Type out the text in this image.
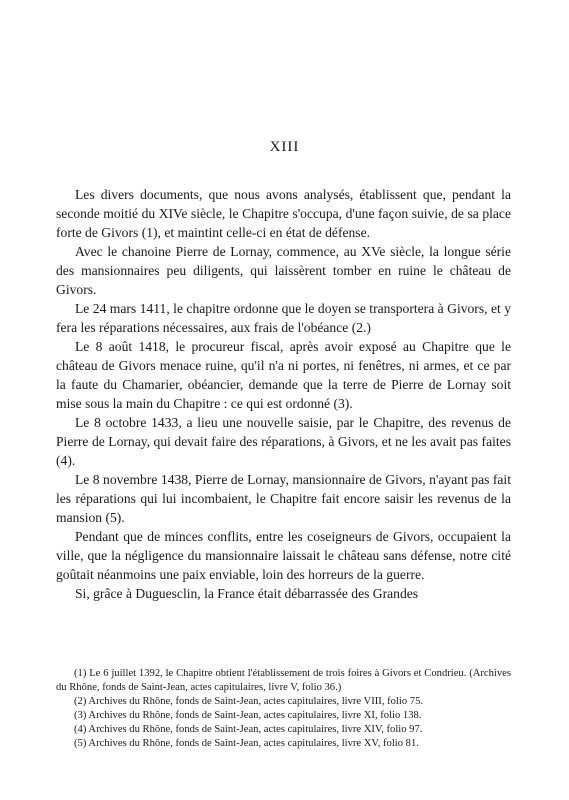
XIII

Les divers documents, que nous avons analysés, établissent que, pendant la seconde moitié du XIVe siècle, le Chapitre s'occupa, d'une façon suivie, de sa place forte de Givors (1), et maintint celle-ci en état de défense.

Avec le chanoine Pierre de Lornay, commence, au XVe siècle, la longue série des mansionnaires peu diligents, qui laissèrent tomber en ruine le château de Givors.

Le 24 mars 1411, le chapitre ordonne que le doyen se transportera à Givors, et y fera les réparations nécessaires, aux frais de l'obéance (2.)

Le 8 août 1418, le procureur fiscal, après avoir exposé au Chapitre que le château de Givors menace ruine, qu'il n'a ni portes, ni fenêtres, ni armes, et ce par la faute du Chamarier, obéancier, demande que la terre de Pierre de Lornay soit mise sous la main du Chapitre : ce qui est ordonné (3).

Le 8 octobre 1433, a lieu une nouvelle saisie, par le Chapitre, des revenus de Pierre de Lornay, qui devait faire des réparations, à Givors, et ne les avait pas faites (4).

Le 8 novembre 1438, Pierre de Lornay, mansionnaire de Givors, n'ayant pas fait les réparations qui lui incombaient, le Chapitre fait encore saisir les revenus de la mansion (5).

Pendant que de minces conflits, entre les coseigneurs de Givors, occupaient la ville, que la négligence du mansionnaire laissait le château sans défense, notre cité goûtait néanmoins une paix enviable, loin des horreurs de la guerre.

Si, grâce à Duguesclin, la France était débarrassée des Grandes

(1) Le 6 juillet 1392, le Chapitre obtient l'établissement de trois foires à Givors et Condrieu. (Archives du Rhône, fonds de Saint-Jean, actes capitulaires, livre V, folio 36.)

(2) Archives du Rhône, fonds de Saint-Jean, actes capitulaires, livre VIII, folio 75.

(3) Archives du Rhône, fonds de Saint-Jean, actes capitulaires, livre XI, folio 138.

(4) Archives du Rhône, fonds de Saint-Jean, actes capitulaires, livre XIV, folio 97.

(5) Archives du Rhône, fonds de Saint-Jean, actes capitulaires, livre XV, folio 81.
